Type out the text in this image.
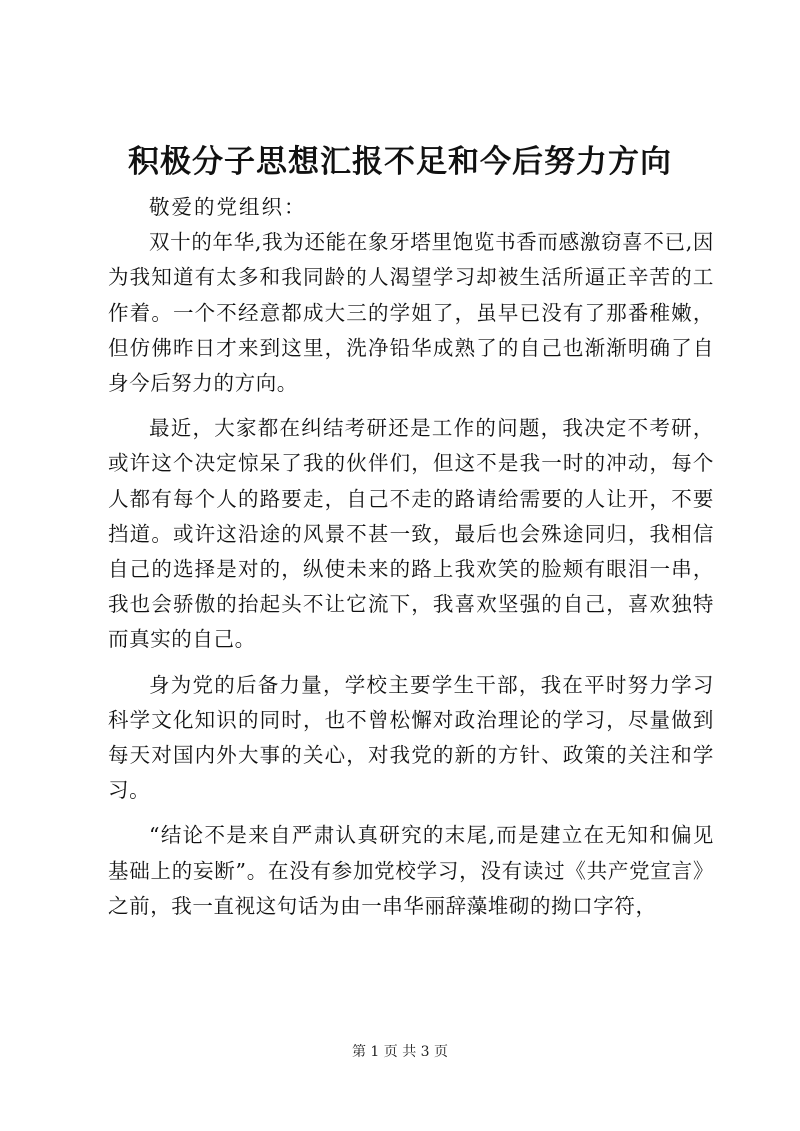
积极分子思想汇报不足和今后努力方向

敬爱的党组织：

双十的年华,我为还能在象牙塔里饱览书香而感激窃喜不已,因为我知道有太多和我同龄的人渴望学习却被生活所逼正辛苦的工作着。一个不经意都成大三的学姐了，虽早已没有了那番稚嫩，但仿佛昨日才来到这里，洗净铅华成熟了的自己也渐渐明确了自身今后努力的方向。

最近，大家都在纠结考研还是工作的问题，我决定不考研，或许这个决定惊呆了我的伙伴们，但这不是我一时的冲动，每个人都有每个人的路要走，自己不走的路请给需要的人让开，不要挡道。或许这沿途的风景不甚一致，最后也会殊途同归，我相信自己的选择是对的，纵使未来的路上我欢笑的脸颊有眼泪一串，我也会骄傲的抬起头不让它流下，我喜欢坚强的自己，喜欢独特而真实的自己。

身为党的后备力量，学校主要学生干部，我在平时努力学习科学文化知识的同时，也不曾松懈对政治理论的学习，尽量做到每天对国内外大事的关心，对我党的新的方针、政策的关注和学习。

“结论不是来自严肃认真研究的末尾,而是建立在无知和偏见基础上的妄断”。在没有参加党校学习，没有读过《共产党宣言》之前，我一直视这句话为由一串华丽辞藻堆砌的拗口字符，

第 1 页 共 3 页
